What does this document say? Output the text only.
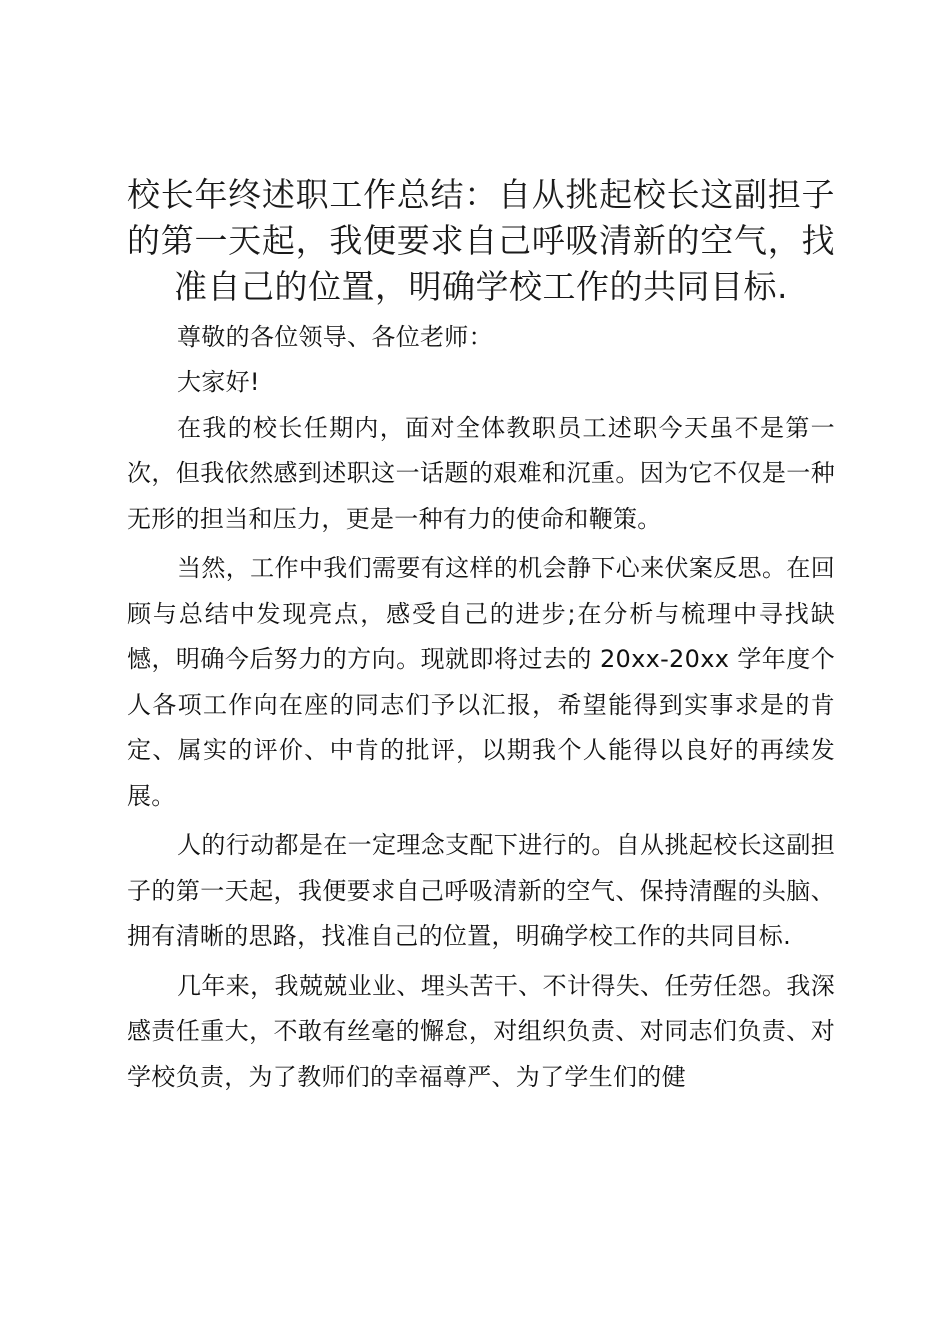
校长年终述职工作总结：自从挑起校长这副担子的第一天起，我便要求自己呼吸清新的空气，找准自己的位置，明确学校工作的共同目标.

尊敬的各位领导、各位老师：

大家好!

在我的校长任期内，面对全体教职员工述职今天虽不是第一次，但我依然感到述职这一话题的艰难和沉重。因为它不仅是一种无形的担当和压力，更是一种有力的使命和鞭策。

当然，工作中我们需要有这样的机会静下心来伏案反思。在回顾与总结中发现亮点，感受自己的进步;在分析与梳理中寻找缺憾，明确今后努力的方向。现就即将过去的 20xx-20xx 学年度个人各项工作向在座的同志们予以汇报，希望能得到实事求是的肯定、属实的评价、中肯的批评，以期我个人能得以良好的再续发展。

人的行动都是在一定理念支配下进行的。自从挑起校长这副担子的第一天起，我便要求自己呼吸清新的空气、保持清醒的头脑、拥有清晰的思路，找准自己的位置，明确学校工作的共同目标.

几年来，我兢兢业业、埋头苦干、不计得失、任劳任怨。我深感责任重大，不敢有丝毫的懈怠，对组织负责、对同志们负责、对学校负责，为了教师们的幸福尊严、为了学生们的健
